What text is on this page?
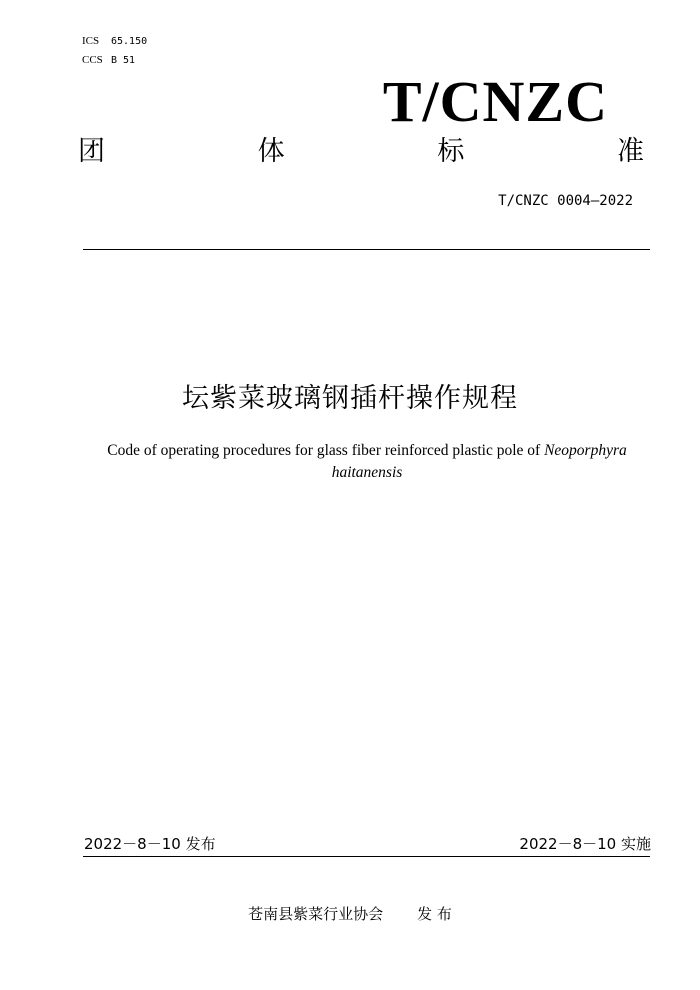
ICS 65.150
CCS B 51
T/CNZC
团	体	标	准
T/CNZC 0004—2022
坛紫菜玻璃钢插杆操作规程
Code of operating procedures for glass fiber reinforced plastic pole of Neoporphyra haitanensis
2022－8－10 发布	2022－8－10 实施
苍南县紫菜行业协会 发 布
